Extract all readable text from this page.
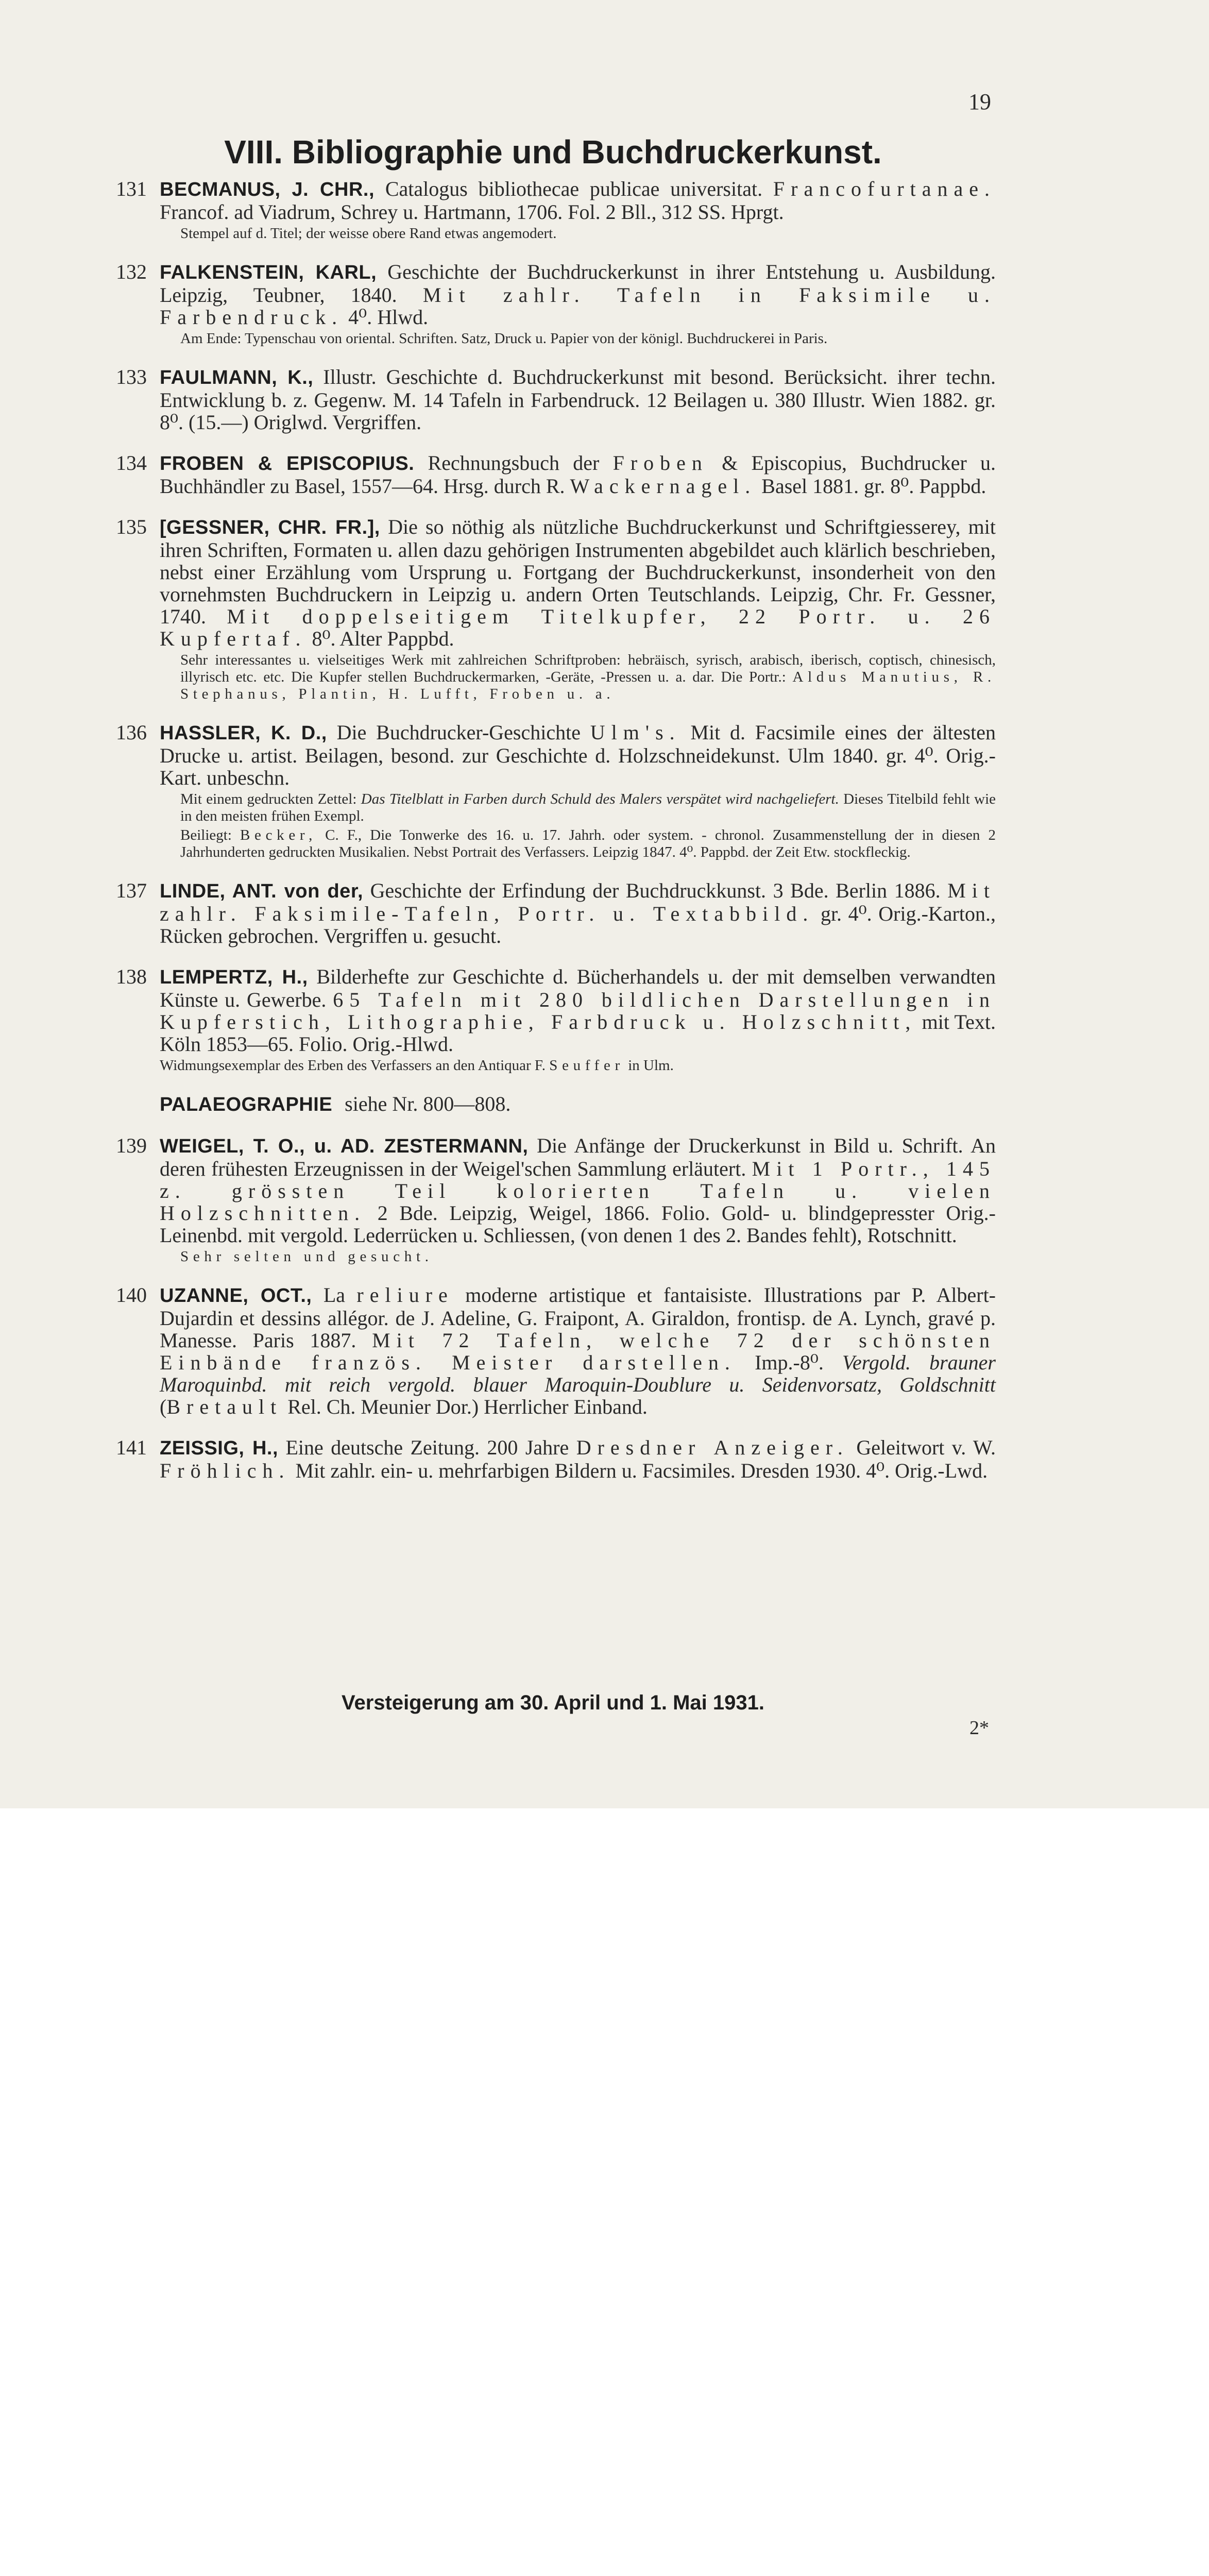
19
VIII. Bibliographie und Buchdruckerkunst.
131 BECMANUS, J. CHR., Catalogus bibliothecae publicae universitat. Francofurtanae. Francof. ad Viadrum, Schrey u. Hartmann, 1706. Fol. 2 Bll., 312 SS. Hprgt.
Stempel auf d. Titel; der weisse obere Rand etwas angemodert.
132 FALKENSTEIN, KARL, Geschichte der Buchdruckerkunst in ihrer Entstehung u. Ausbildung. Leipzig, Teubner, 1840. Mit zahlr. Tafeln in Faksimile u. Farbendruck. 4⁰. Hlwd.
Am Ende: Typenschau von oriental. Schriften. Satz, Druck u. Papier von der königl. Buchdruckerei in Paris.
133 FAULMANN, K., Illustr. Geschichte d. Buchdruckerkunst mit besond. Berücksicht. ihrer techn. Entwicklung b. z. Gegenw. M. 14 Tafeln in Farbendruck. 12 Beilagen u. 380 Illustr. Wien 1882. gr. 8⁰. (15.—) Origlwd. Vergriffen.
134 FROBEN & EPISCOPIUS. Rechnungsbuch der Froben & Episcopius, Buchdrucker u. Buchhändler zu Basel, 1557—64. Hrsg. durch R. Wackernagel. Basel 1881. gr. 8⁰. Pappbd.
135 [GESSNER, CHR. FR.], Die so nöthig als nützliche Buchdruckerkunst und Schriftgiesserey, mit ihren Schriften, Formaten u. allen dazu gehörigen Instrumenten abgebildet auch klärlich beschrieben, nebst einer Erzählung vom Ursprung u. Fortgang der Buchdruckerkunst, insonderheit von den vornehmsten Buchdruckern in Leipzig u. andern Orten Teutschlands. Leipzig, Chr. Fr. Gessner, 1740. Mit doppelseitigem Titelkupfer, 22 Portr. u. 26 Kupfertaf. 8⁰. Alter Pappbd.
Sehr interessantes u. vielseitiges Werk mit zahlreichen Schriftproben: hebräisch, syrisch, arabisch, iberisch, coptisch, chinesisch, illyrisch etc. etc. Die Kupfer stellen Buchdruckermarken, -Geräte, -Pressen u. a. dar. Die Portr.: Aldus Manutius, R. Stephanus, Plantin, H. Lufft, Froben u. a.
136 HASSLER, K. D., Die Buchdrucker-Geschichte Ulm's. Mit d. Facsimile eines der ältesten Drucke u. artist. Beilagen, besond. zur Geschichte d. Holzschneidekunst. Ulm 1840. gr. 4⁰. Orig.-Kart. unbeschn.
Mit einem gedruckten Zettel: Das Titelblatt in Farben durch Schuld des Malers verspätet wird nachgeliefert. Dieses Titelbild fehlt wie in den meisten frühen Exempl.
Beiliegt: Becker, C. F., Die Tonwerke des 16. u. 17. Jahrh. oder system. - chronol. Zusammenstellung der in diesen 2 Jahrhunderten gedruckten Musikalien. Nebst Portrait des Verfassers. Leipzig 1847. 4⁰. Pappbd. der Zeit Etw. stockfleckig.
137 LINDE, ANT. von der, Geschichte der Erfindung der Buchdruckkunst. 3 Bde. Berlin 1886. Mit zahlr. Faksimile-Tafeln, Portr. u. Textabbild. gr. 4⁰. Orig.-Karton., Rücken gebrochen. Vergriffen u. gesucht.
138 LEMPERTZ, H., Bilderhefte zur Geschichte d. Bücherhandels u. der mit demselben verwandten Künste u. Gewerbe. 65 Tafeln mit 280 bildlichen Darstellungen in Kupferstich, Lithographie, Farbdruck u. Holzschnitt, mit Text. Köln 1853—65. Folio. Orig.-Hlwd.
Widmungsexemplar des Erben des Verfassers an den Antiquar F. Seuffer in Ulm.
PALAEOGRAPHIE siehe Nr. 800—808.
139 WEIGEL, T. O., u. AD. ZESTERMANN, Die Anfänge der Druckerkunst in Bild u. Schrift. An deren frühesten Erzeugnissen in der Weigel'schen Sammlung erläutert. Mit 1 Portr., 145 z. grössten Teil kolorierten Tafeln u. vielen Holzschnitten. 2 Bde. Leipzig, Weigel, 1866. Folio. Gold- u. blindgepresster Orig.-Leinenbd. mit vergold. Lederrücken u. Schliessen, (von denen 1 des 2. Bandes fehlt), Rotschnitt.
Sehr selten und gesucht.
140 UZANNE, OCT., La reliure moderne artistique et fantaisiste. Illustrations par P. Albert-Dujardin et dessins allégor. de J. Adeline, G. Fraipont, A. Giraldon, frontisp. de A. Lynch, gravé p. Manesse. Paris 1887. Mit 72 Tafeln, welche 72 der schönsten Einbände französ. Meister darstellen. Imp.-8⁰. Vergold. brauner Maroquinbd. mit reich vergold. blauer Maroquin-Doublure u. Seidenvorsatz, Goldschnitt (Bretault Rel. Ch. Meunier Dor.) Herrlicher Einband.
141 ZEISSIG, H., Eine deutsche Zeitung. 200 Jahre Dresdner Anzeiger. Geleitwort v. W. Fröhlich. Mit zahlr. ein- u. mehrfarbigen Bildern u. Facsimiles. Dresden 1930. 4⁰. Orig.-Lwd.
Versteigerung am 30. April und 1. Mai 1931.
2*
